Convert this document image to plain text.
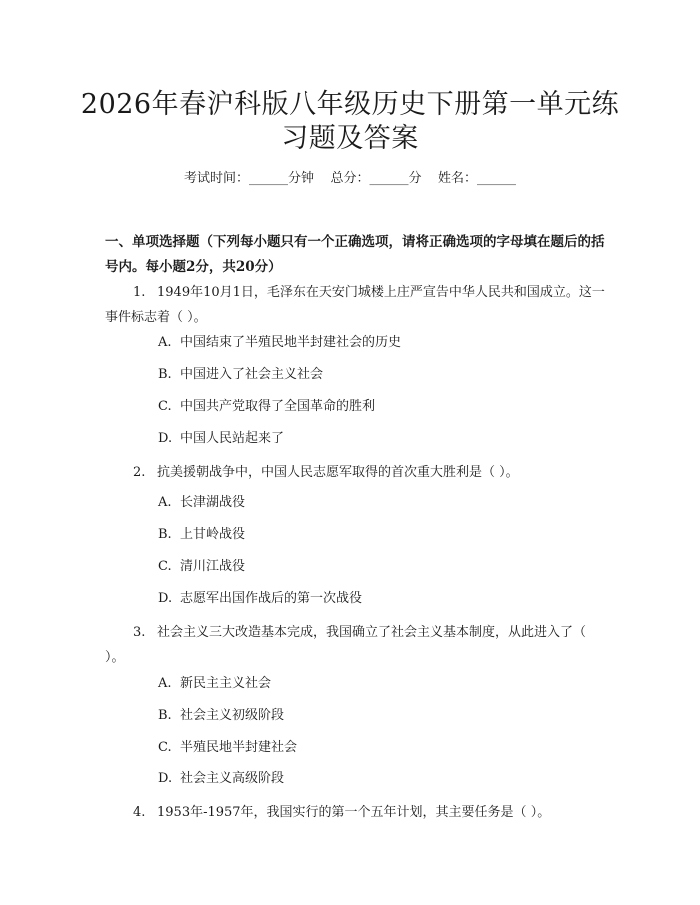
2026年春沪科版八年级历史下册第一单元练
习题及答案
考试时间：______分钟    总分：______分    姓名：______
一、单项选择题（下列每小题只有一个正确选项，请将正确选项的字母填在题后的括号内。每小题2分，共20分）
1. 1949年10月1日，毛泽东在天安门城楼上庄严宣告中华人民共和国成立。这一事件标志着（ ）。
A. 中国结束了半殖民地半封建社会的历史
B. 中国进入了社会主义社会
C. 中国共产党取得了全国革命的胜利
D. 中国人民站起来了
2. 抗美援朝战争中，中国人民志愿军取得的首次重大胜利是（ ）。
A. 长津湖战役
B. 上甘岭战役
C. 清川江战役
D. 志愿军出国作战后的第一次战役
3. 社会主义三大改造基本完成，我国确立了社会主义基本制度，从此进入了（ ）。
A. 新民主主义社会
B. 社会主义初级阶段
C. 半殖民地半封建社会
D. 社会主义高级阶段
4. 1953年-1957年，我国实行的第一个五年计划，其主要任务是（ ）。
